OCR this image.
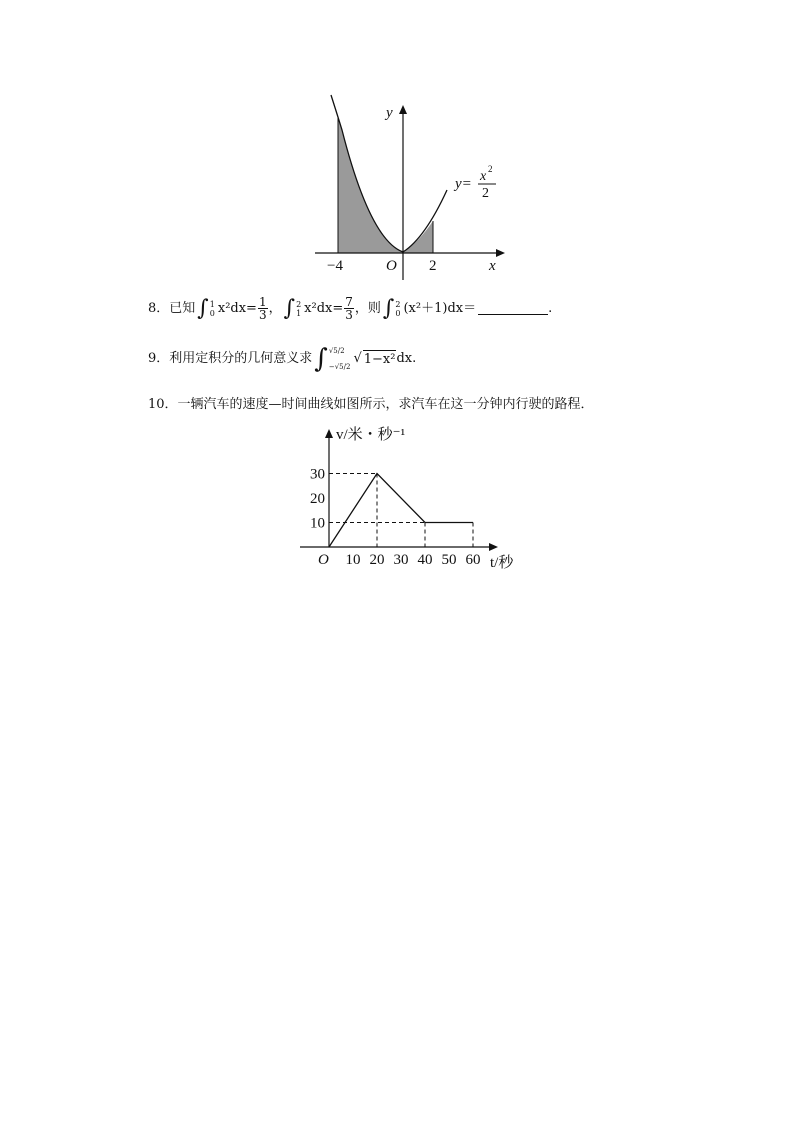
y
x
O
−4	2
y= x 2
2
8． 已知 ∫ 1
0 $x^2dx= \frac{1}{3}$ ， ∫ 2
1 $x^2dx= \frac{7}{3}$ ，则 ∫ 2
0 (x²＋1)dx＝	.
9． 利用定积分的几何意义求 ∫ √5/2
−√5/2
√ 1−x² dx.
10． 一辆汽车的速度—时间曲线如图所示，求汽车在这一分钟内行驶的路程．
v/米・秒⁻¹
t/秒
O 10 20 30 40 50 60
10
20
30
